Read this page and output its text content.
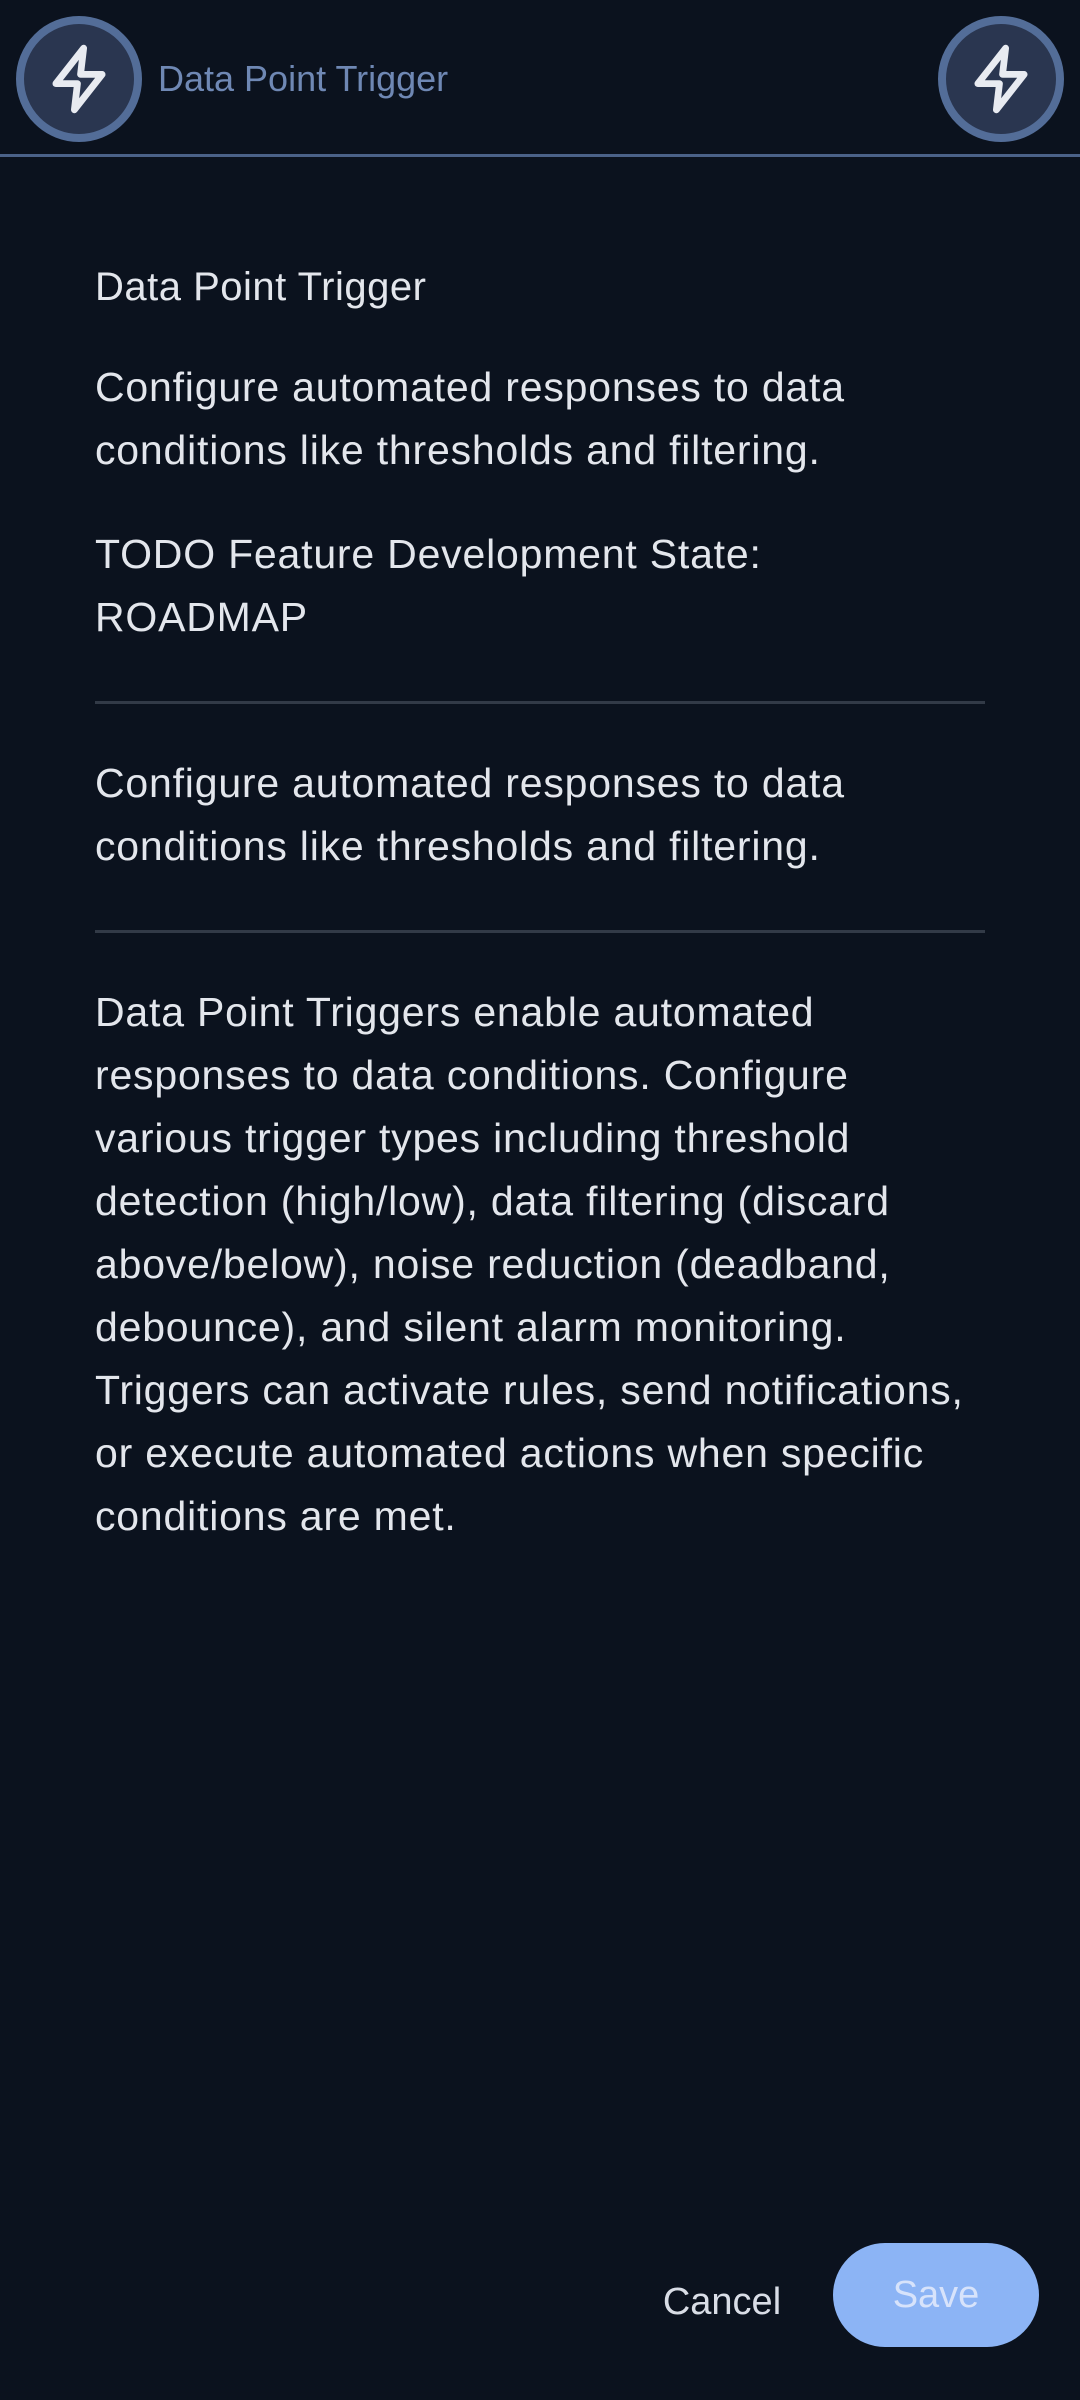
Data Point Trigger
Data Point Trigger

Configure automated responses to data conditions like thresholds and filtering.

TODO Feature Development State: ROADMAP

Configure automated responses to data conditions like thresholds and filtering.

Data Point Triggers enable automated responses to data conditions. Configure various trigger types including threshold detection (high/low), data filtering (discard above/below), noise reduction (deadband, debounce), and silent alarm monitoring. Triggers can activate rules, send notifications, or execute automated actions when specific conditions are met.

Cancel	Save
